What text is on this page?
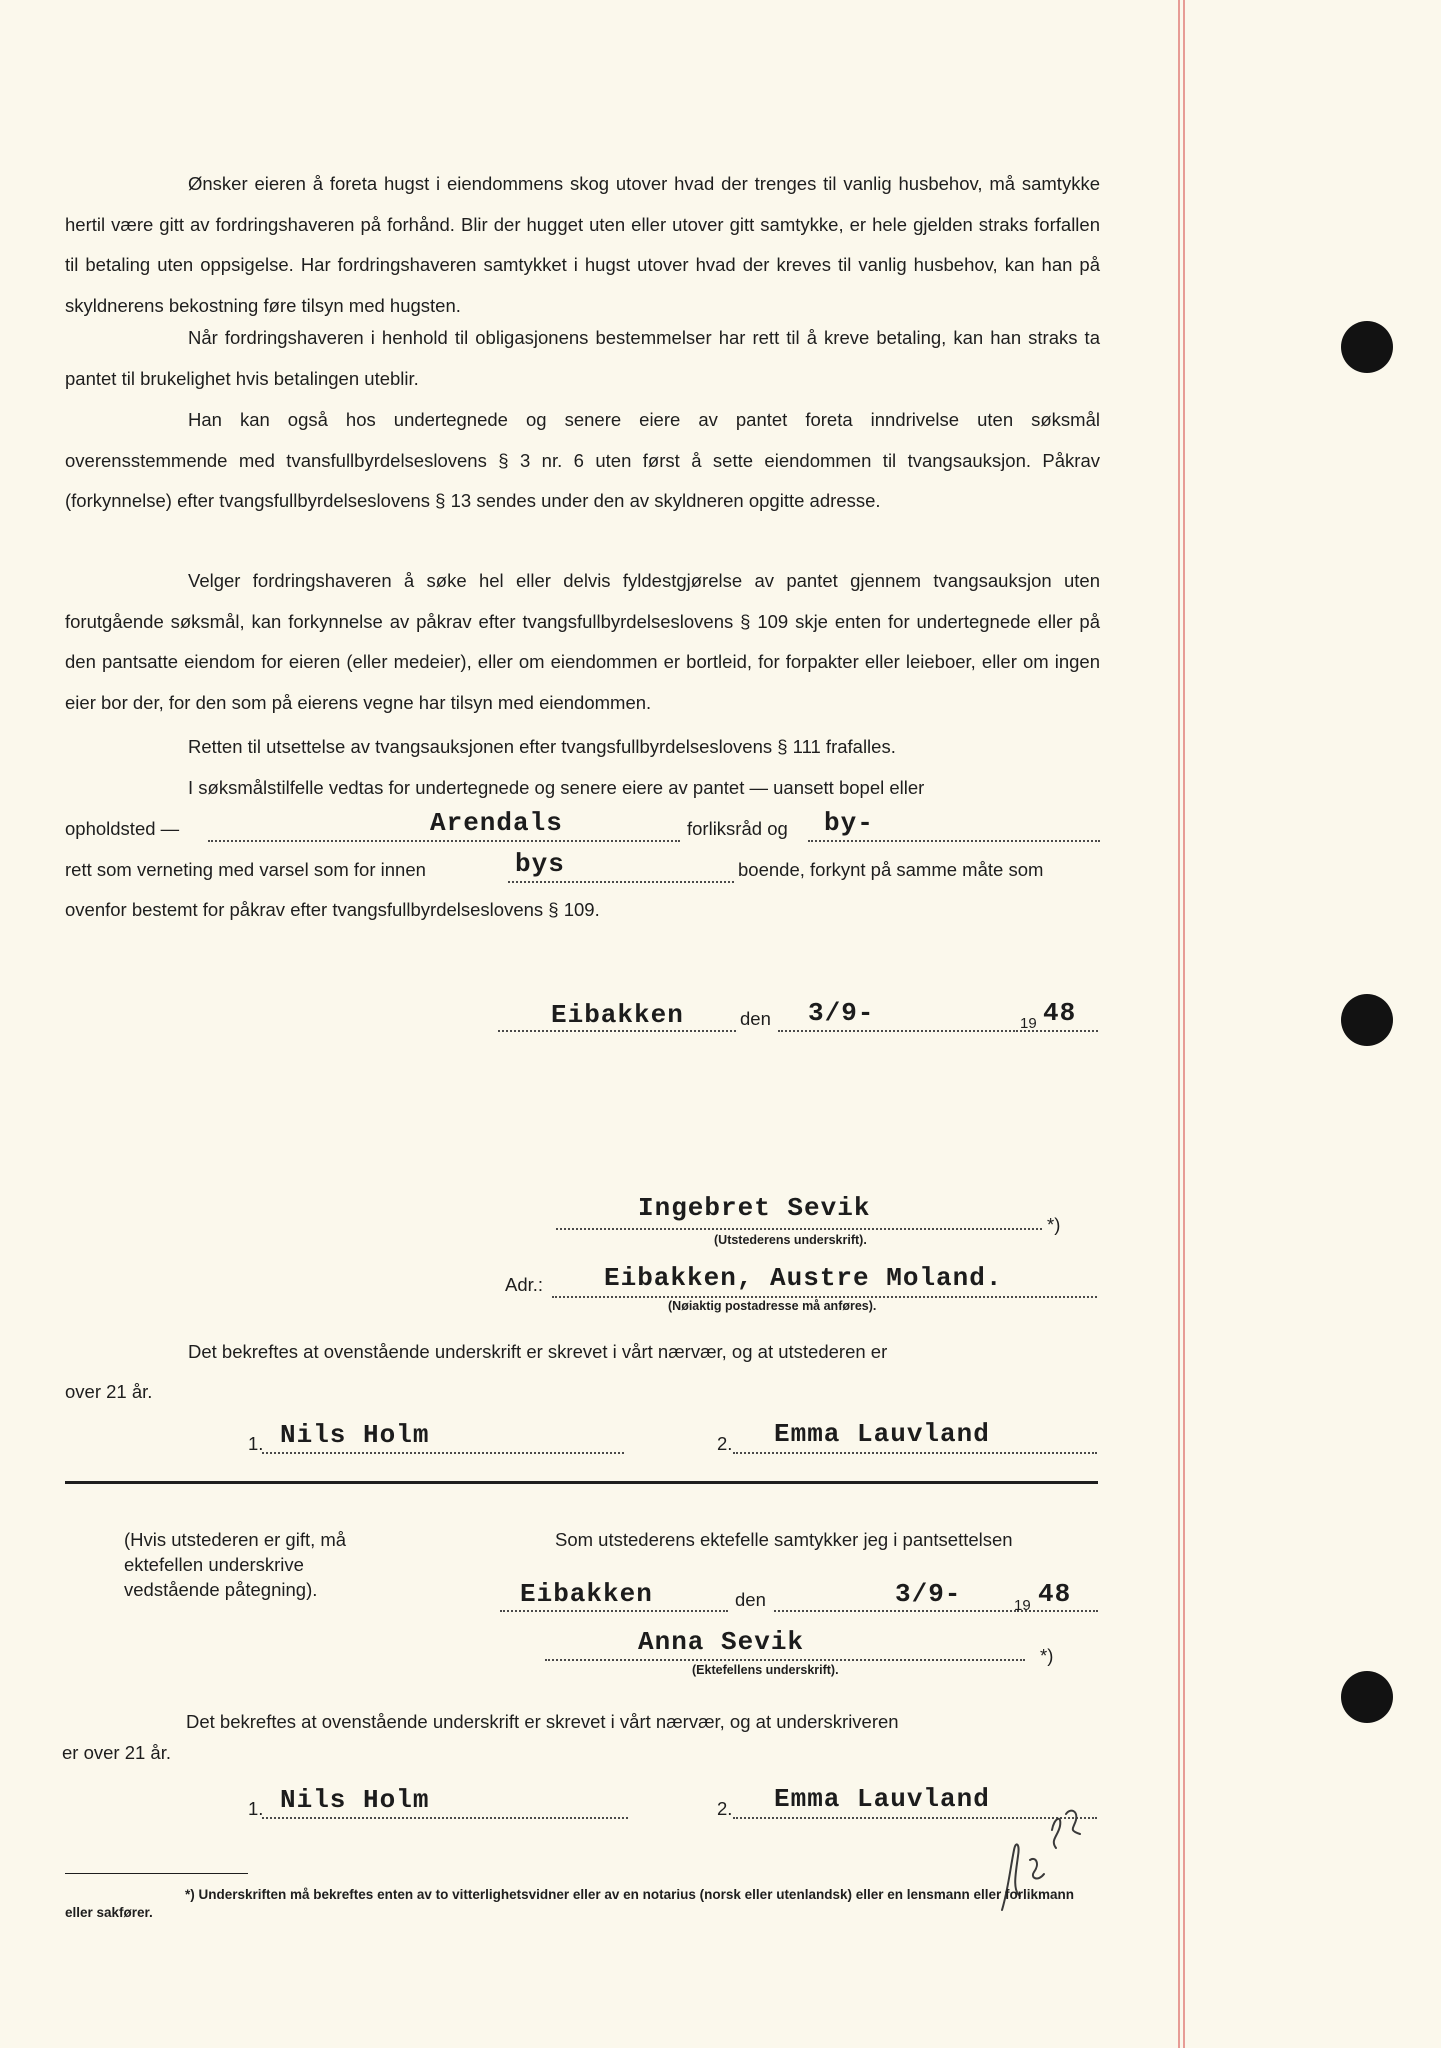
Ønsker eieren å foreta hugst i eiendommens skog utover hvad der trenges til vanlig husbehov, må samtykke hertil være gitt av fordringshaveren på forhånd. Blir der hugget uten eller utover gitt samtykke, er hele gjelden straks forfallen til betaling uten oppsigelse. Har fordringshaveren samtykket i hugst utover hvad der kreves til vanlig husbehov, kan han på skyldnerens bekostning føre tilsyn med hugsten.

Når fordringshaveren i henhold til obligasjonens bestemmelser har rett til å kreve betaling, kan han straks ta pantet til brukelighet hvis betalingen uteblir.

Han kan også hos undertegnede og senere eiere av pantet foreta inndrivelse uten søksmål overensstemmende med tvansfullbyrdelseslovens § 3 nr. 6 uten først å sette eiendommen til tvangsauksjon. Påkrav (forkynnelse) efter tvangsfullbyrdelseslovens § 13 sendes under den av skyldneren opgitte adresse.

Velger fordringshaveren å søke hel eller delvis fyldestgjørelse av pantet gjennem tvangsauksjon uten forutgående søksmål, kan forkynnelse av påkrav efter tvangsfullbyrdelseslovens § 109 skje enten for undertegnede eller på den pantsatte eiendom for eieren (eller medeier), eller om eiendommen er bortleid, for forpakter eller leieboer, eller om ingen eier bor der, for den som på eierens vegne har tilsyn med eiendommen.

Retten til utsettelse av tvangsauksjonen efter tvangsfullbyrdelseslovens § 111 frafalles.

I søksmålstilfelle vedtas for undertegnede og senere eiere av pantet — uansett bopel eller

opholdsted —	Arendals	forliksråd og by-
rett som verneting med varsel som for innen	bys	boende, forkynt på samme måte som
ovenfor bestemt for påkrav efter tvangsfullbyrdelseslovens § 109.
Eibakken	den 3/9-	19 48
Ingebret Sevik
*)
(Utstederens underskrift).
Adr.: Eibakken, Austre Moland.
(Nøiaktig postadresse må anføres).
Det bekreftes at ovenstående underskrift er skrevet i vårt nærvær, og at utstederen er
over 21 år.
1. Nils Holm	2. Emma Lauvland
(Hvis utstederen er gift, må ektefellen underskrive vedstående påtegning).
Som utstederens ektefelle samtykker jeg i pantsettelsen
Eibakken	den	3/9-	19 48
Anna Sevik	*)
(Ektefellens underskrift).
Det bekreftes at ovenstående underskrift er skrevet i vårt nærvær, og at underskriveren
er over 21 år.
1. Nils Holm	2. Emma Lauvland
*) Underskriften må bekreftes enten av to vitterlighetsvidner eller av en notarius (norsk eller utenlandsk) eller en lensmann eller forlikmann eller sakfører.
